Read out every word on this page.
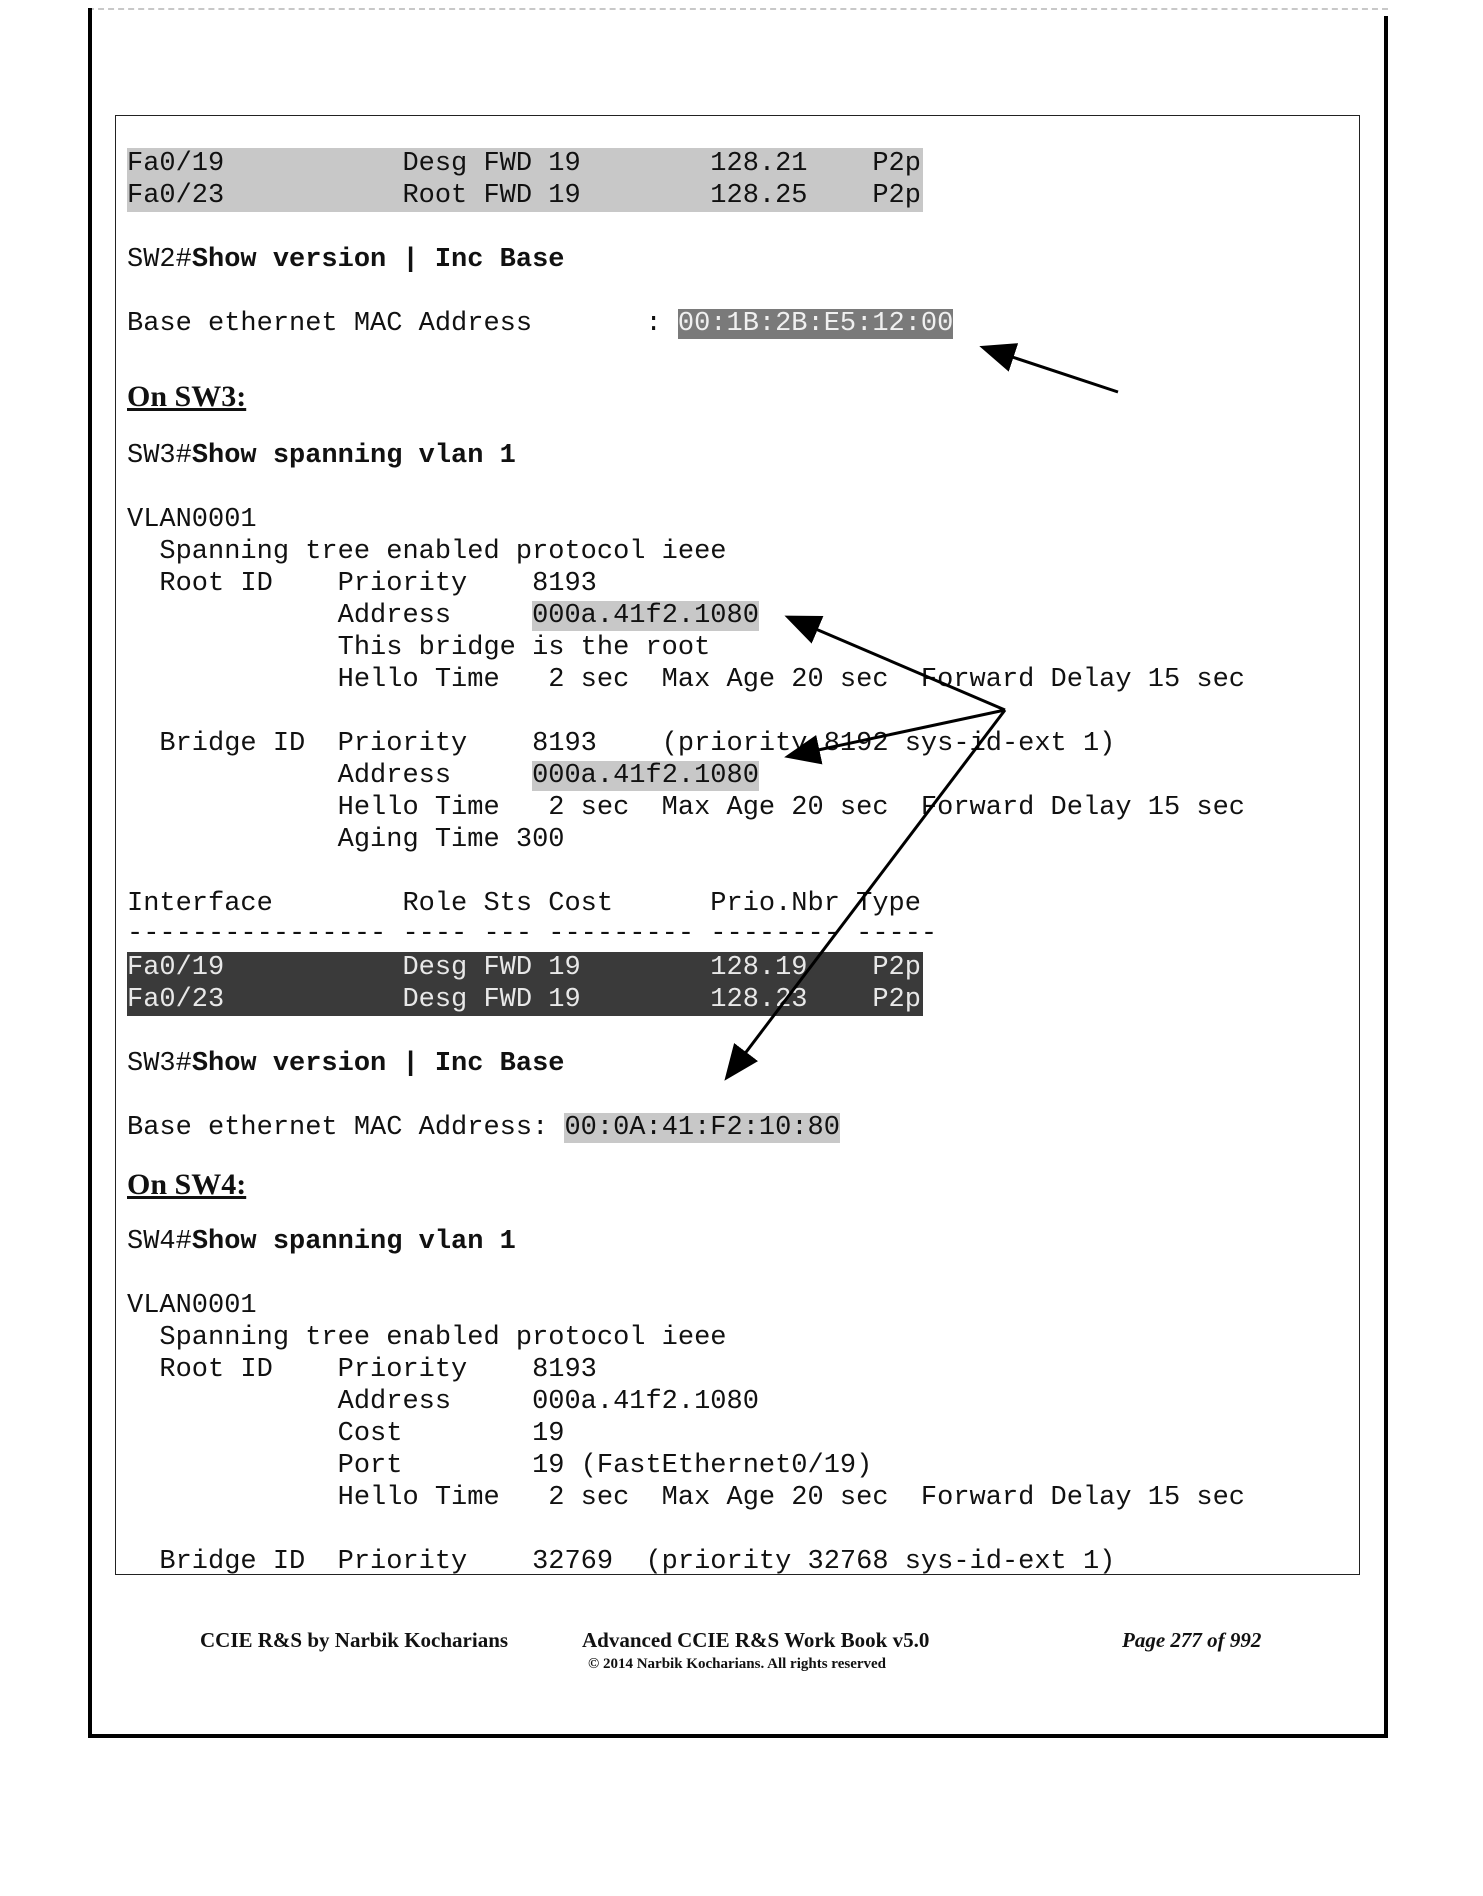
Fa0/19           Desg FWD 19        128.21    P2p
Fa0/23           Root FWD 19        128.25    P2p
SW2#Show version | Inc Base
Base ethernet MAC Address       : 00:1B:2B:E5:12:00
On SW3:
SW3#Show spanning vlan 1
VLAN0001
Spanning tree enabled protocol ieee
Root ID    Priority    8193
Address     000a.41f2.1080
This bridge is the root
Hello Time   2 sec  Max Age 20 sec  Forward Delay 15 sec
Bridge ID  Priority    8193    (priority 8192 sys-id-ext 1)
Address     000a.41f2.1080
Hello Time   2 sec  Max Age 20 sec  Forward Delay 15 sec
Aging Time 300
Interface        Role Sts Cost      Prio.Nbr Type
---------------- ---- --- --------- -------- -----
Fa0/19           Desg FWD 19        128.19    P2p
Fa0/23           Desg FWD 19        128.23    P2p
SW3#Show version | Inc Base
Base ethernet MAC Address: 00:0A:41:F2:10:80
On SW4:
SW4#Show spanning vlan 1
VLAN0001
Spanning tree enabled protocol ieee
Root ID    Priority    8193
Address     000a.41f2.1080
Cost        19
Port        19 (FastEthernet0/19)
Hello Time   2 sec  Max Age 20 sec  Forward Delay 15 sec
Bridge ID  Priority    32769  (priority 32768 sys-id-ext 1)
CCIE R&S by Narbik Kocharians	Advanced CCIE R&S Work Book v5.0
© 2014 Narbik Kocharians. All rights reserved
Page 277 of 992
